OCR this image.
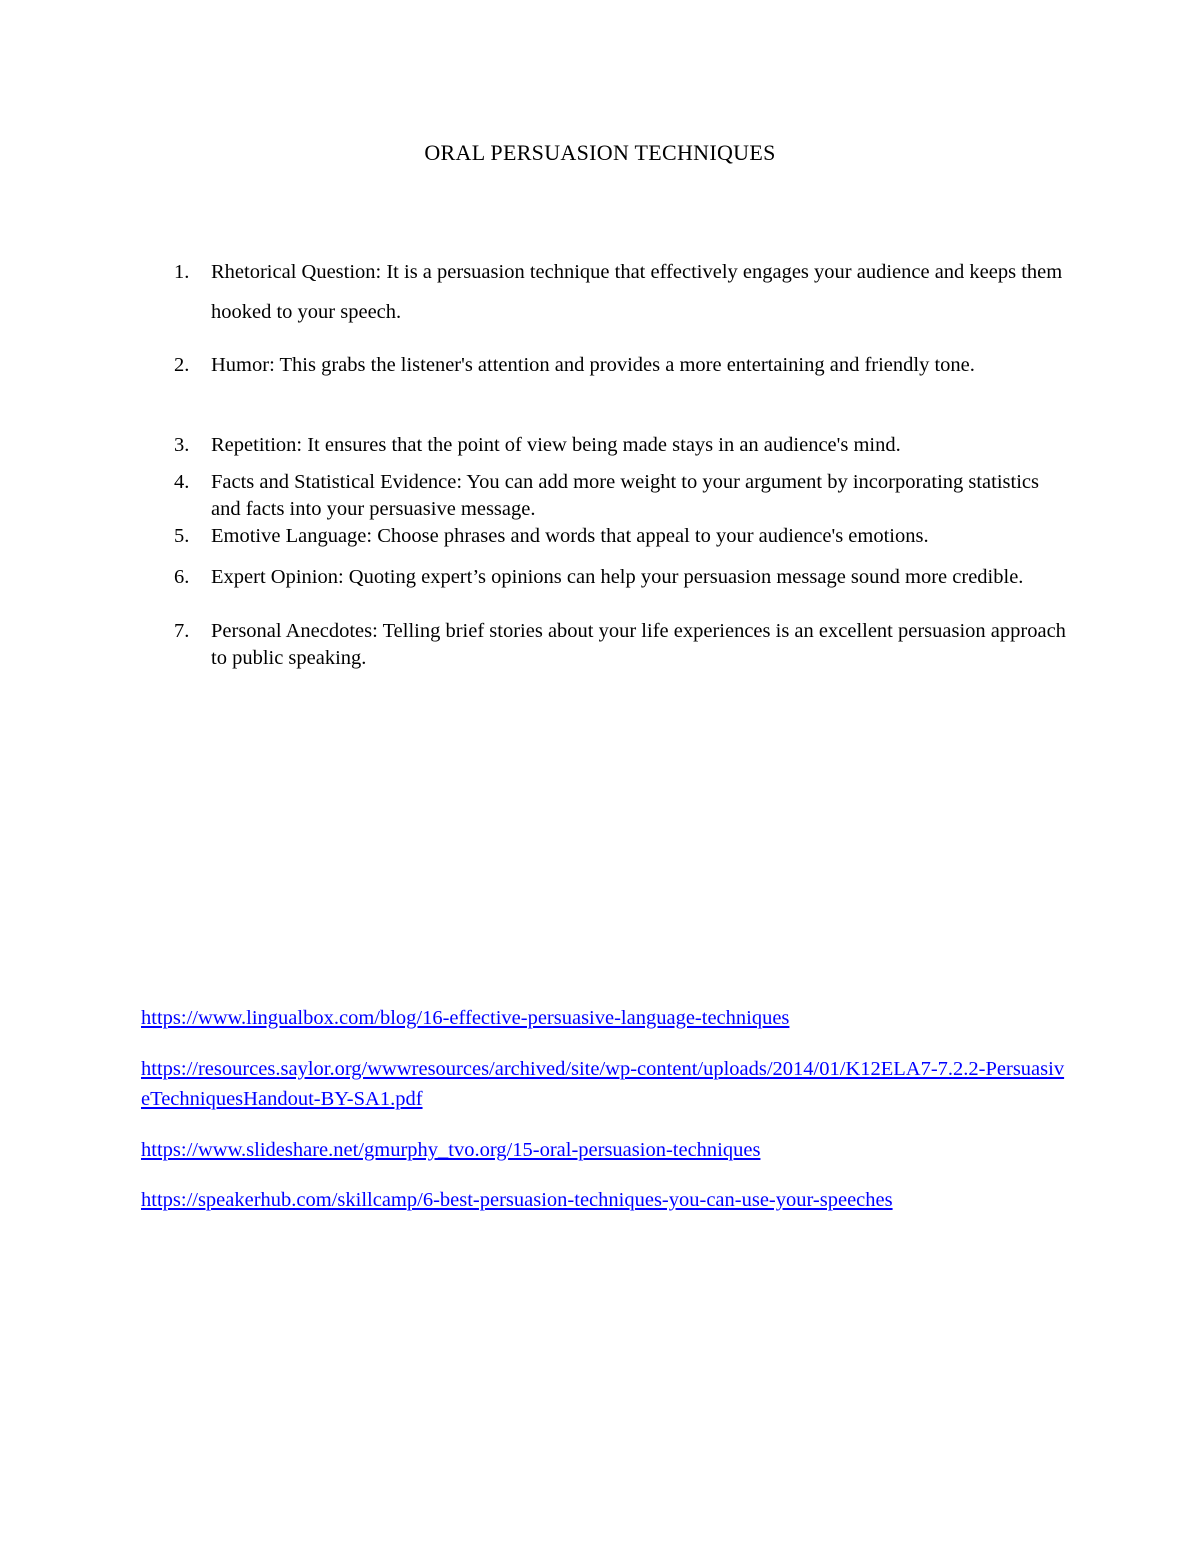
ORAL PERSUASION TECHNIQUES
1.	Rhetorical Question: It is a persuasion technique that effectively engages your audience and keeps them hooked to your speech.
2.	Humor: This grabs the listener's attention and provides a more entertaining and friendly tone.
3.	Repetition: It ensures that the point of view being made stays in an audience's mind.
4.	Facts and Statistical Evidence: You can add more weight to your argument by incorporating statistics and facts into your persuasive message.
5.	Emotive Language: Choose phrases and words that appeal to your audience's emotions.
6.	Expert Opinion: Quoting expert’s opinions can help your persuasion message sound more credible.
7.	Personal Anecdotes: Telling brief stories about your life experiences is an excellent persuasion approach to public speaking.
https://www.lingualbox.com/blog/16-effective-persuasive-language-techniques
https://resources.saylor.org/wwwresources/archived/site/wp-content/uploads/2014/01/K12ELA7-7.2.2-PersuasiveTechniquesHandout-BY-SA1.pdf
https://www.slideshare.net/gmurphy_tvo.org/15-oral-persuasion-techniques
https://speakerhub.com/skillcamp/6-best-persuasion-techniques-you-can-use-your-speeches
